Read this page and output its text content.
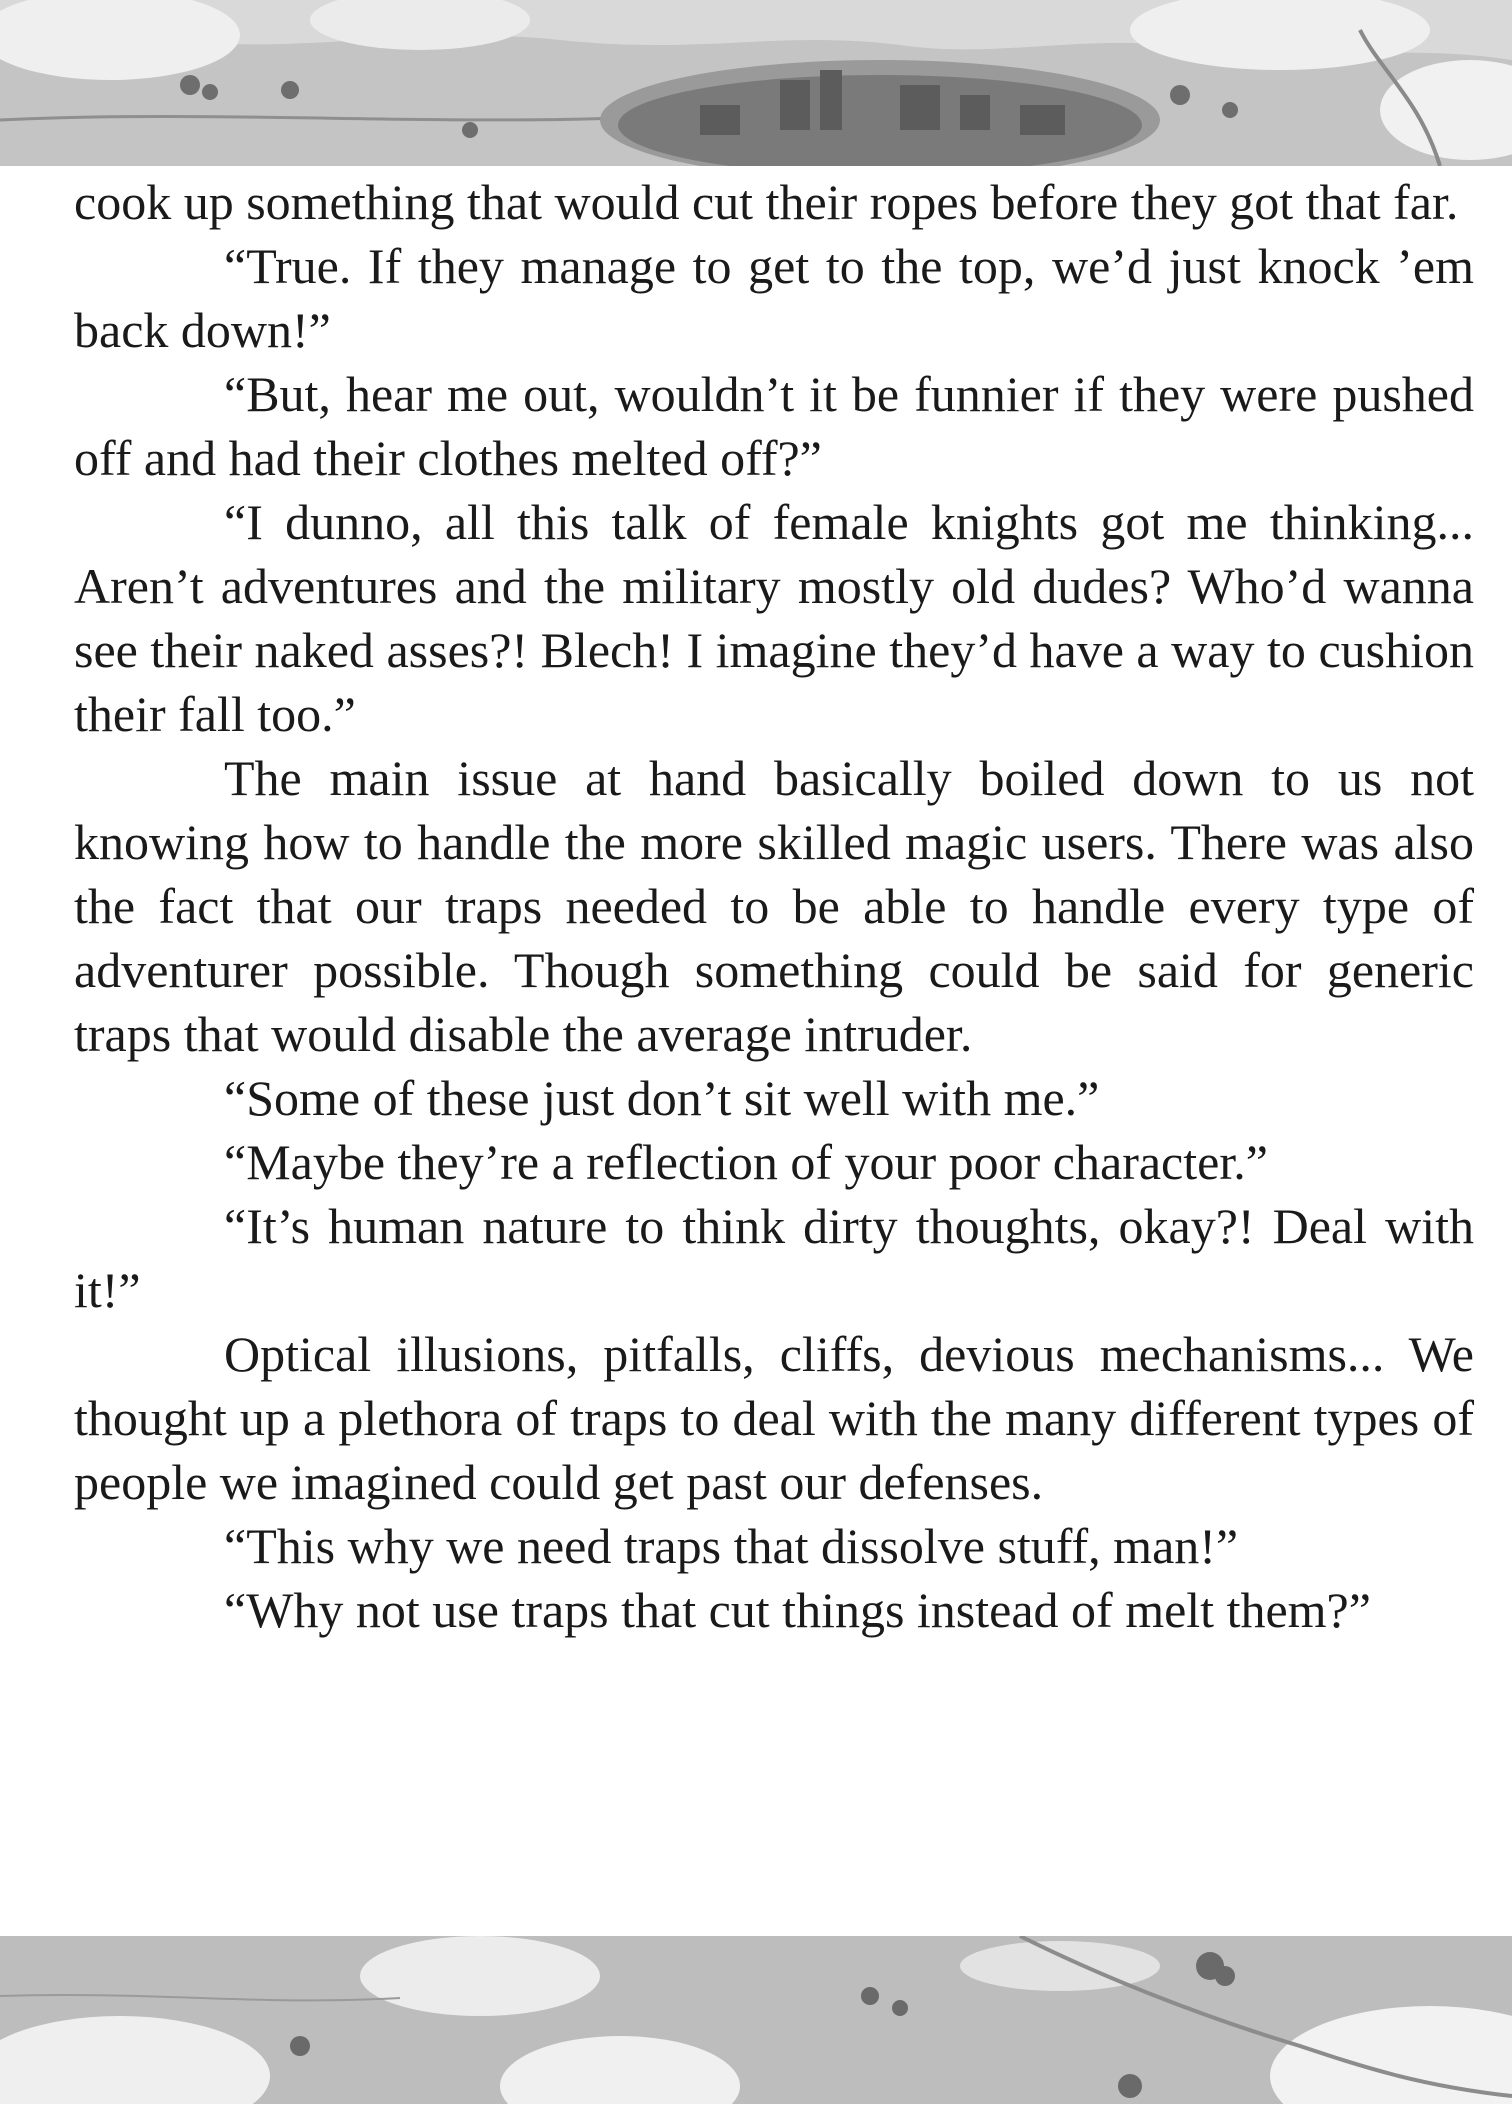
cook up something that would cut their ropes before they got that far.

“True. If they manage to get to the top, we’d just knock ’em back down!”

“But, hear me out, wouldn’t it be funnier if they were pushed off and had their clothes melted off?”

“I dunno, all this talk of female knights got me thinking... Aren’t adventures and the military mostly old dudes? Who’d wanna see their naked asses?! Blech! I imagine they’d have a way to cushion their fall too.”

The main issue at hand basically boiled down to us not knowing how to handle the more skilled magic users. There was also the fact that our traps needed to be able to handle every type of adventurer possible. Though something could be said for generic traps that would disable the average intruder.

“Some of these just don’t sit well with me.”

“Maybe they’re a reflection of your poor character.”

“It’s human nature to think dirty thoughts, okay?! Deal with it!”

Optical illusions, pitfalls, cliffs, devious mechanisms... We thought up a plethora of traps to deal with the many different types of people we imagined could get past our defenses.

“This why we need traps that dissolve stuff, man!”

“Why not use traps that cut things instead of melt them?”
